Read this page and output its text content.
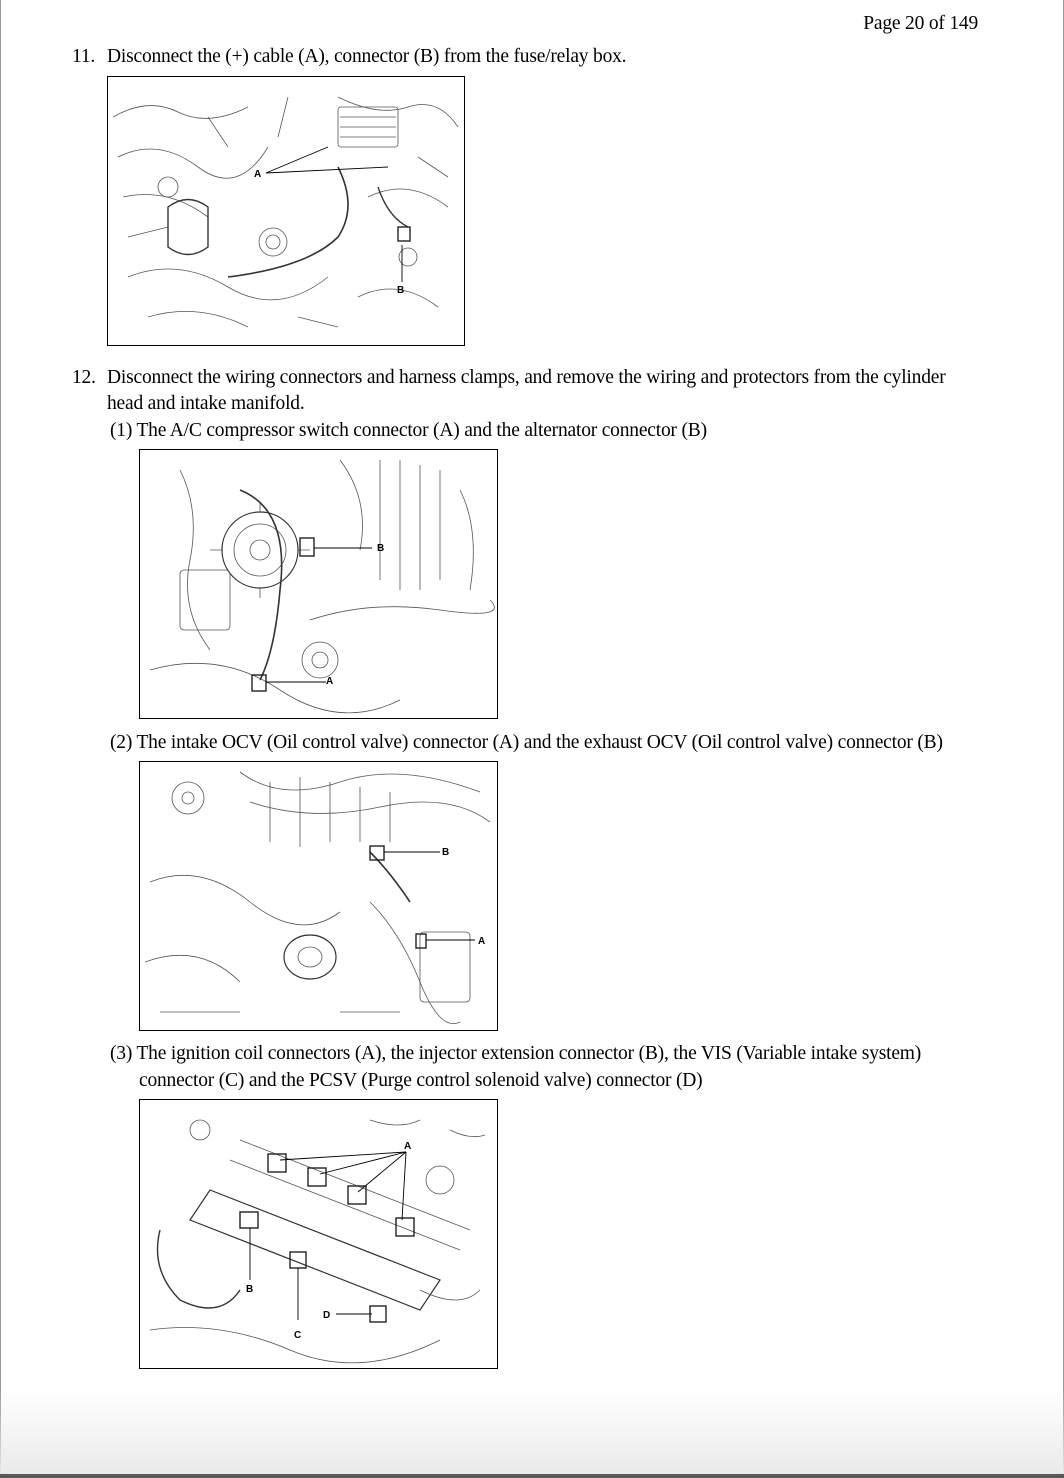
Page 20 of 149
11. Disconnect the (+) cable (A), connector (B) from the fuse/relay box.
A
B
12. Disconnect the wiring connectors and harness clamps, and remove the wiring and protectors from the cylinder
head and intake manifold.
(1) The A/C compressor switch connector (A) and the alternator connector (B)
B
A
(2) The intake OCV (Oil control valve) connector (A) and the exhaust OCV (Oil control valve) connector (B)
B
A
(3) The ignition coil connectors (A), the injector extension connector (B), the VIS (Variable intake system)
connector (C) and the PCSV (Purge control solenoid valve) connector (D)
A
B
C
D
